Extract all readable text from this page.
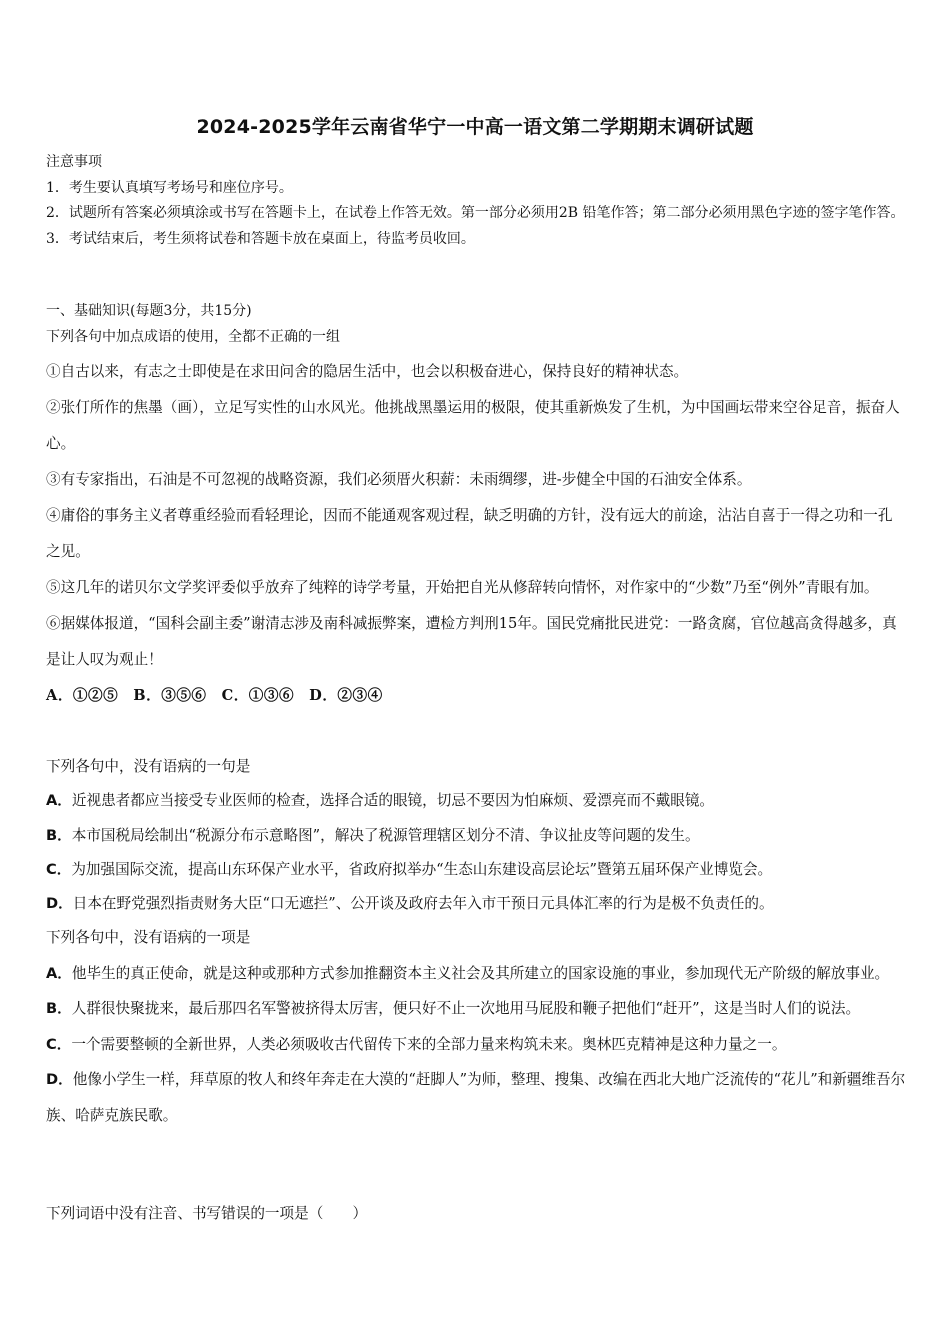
2024-2025学年云南省华宁一中高一语文第二学期期末调研试题

注意事项

1．考生要认真填写考场号和座位序号。

2．试题所有答案必须填涂或书写在答题卡上，在试卷上作答无效。第一部分必须用2B 铅笔作答；第二部分必须用黑色字迹的签字笔作答。

3．考试结束后，考生须将试卷和答题卡放在桌面上，待监考员收回。

一、基础知识(每题3分，共15分)

下列各句中加点成语的使用，全都不正确的一组

①自古以来，有志之士即使是在求田问舍的隐居生活中，也会以积极奋进心，保持良好的精神状态。

②张仃所作的焦墨（画），立足写实性的山水风光。他挑战黑墨运用的极限，使其重新焕发了生机，为中国画坛带来空谷足音，振奋人心。

③有专家指出，石油是不可忽视的战略资源，我们必须厝火积薪：未雨绸缪，进-步健全中国的石油安全体系。

④庸俗的事务主义者尊重经验而看轻理论，因而不能通观客观过程，缺乏明确的方针，没有远大的前途，沾沾自喜于一得之功和一孔之见。

⑤这几年的诺贝尔文学奖评委似乎放弃了纯粹的诗学考量，开始把自光从修辞转向情怀，对作家中的“少数”乃至“例外”青眼有加。

⑥据媒体报道，“国科会副主委”谢清志涉及南科减振弊案，遭检方判刑15年。国民党痛批民进党：一路贪腐，官位越高贪得越多，真是让人叹为观止！

A．①②⑤　B．③⑤⑥　C．①③⑥　D．②③④

下列各句中，没有语病的一句是

A．近视患者都应当接受专业医师的检查，选择合适的眼镜，切忌不要因为怕麻烦、爱漂亮而不戴眼镜。

B．本市国税局绘制出“税源分布示意略图”，解决了税源管理辖区划分不清、争议扯皮等问题的发生。

C．为加强国际交流，提高山东环保产业水平，省政府拟举办“生态山东建设高层论坛”暨第五届环保产业博览会。

D．日本在野党强烈指责财务大臣“口无遮拦”、公开谈及政府去年入市干预日元具体汇率的行为是极不负责任的。

下列各句中，没有语病的一项是

A．他毕生的真正使命，就是这种或那种方式参加推翻资本主义社会及其所建立的国家设施的事业，参加现代无产阶级的解放事业。

B．人群很快聚拢来，最后那四名军警被挤得太厉害，便只好不止一次地用马屁股和鞭子把他们“赶开”，这是当时人们的说法。

C．一个需要整顿的全新世界，人类必须吸收古代留传下来的全部力量来构筑未来。奥林匹克精神是这种力量之一。

D．他像小学生一样，拜草原的牧人和终年奔走在大漠的“赶脚人”为师，整理、搜集、改编在西北大地广泛流传的“花儿”和新疆维吾尔族、哈萨克族民歌。

下列词语中没有注音、书写错误的一项是（　　）
